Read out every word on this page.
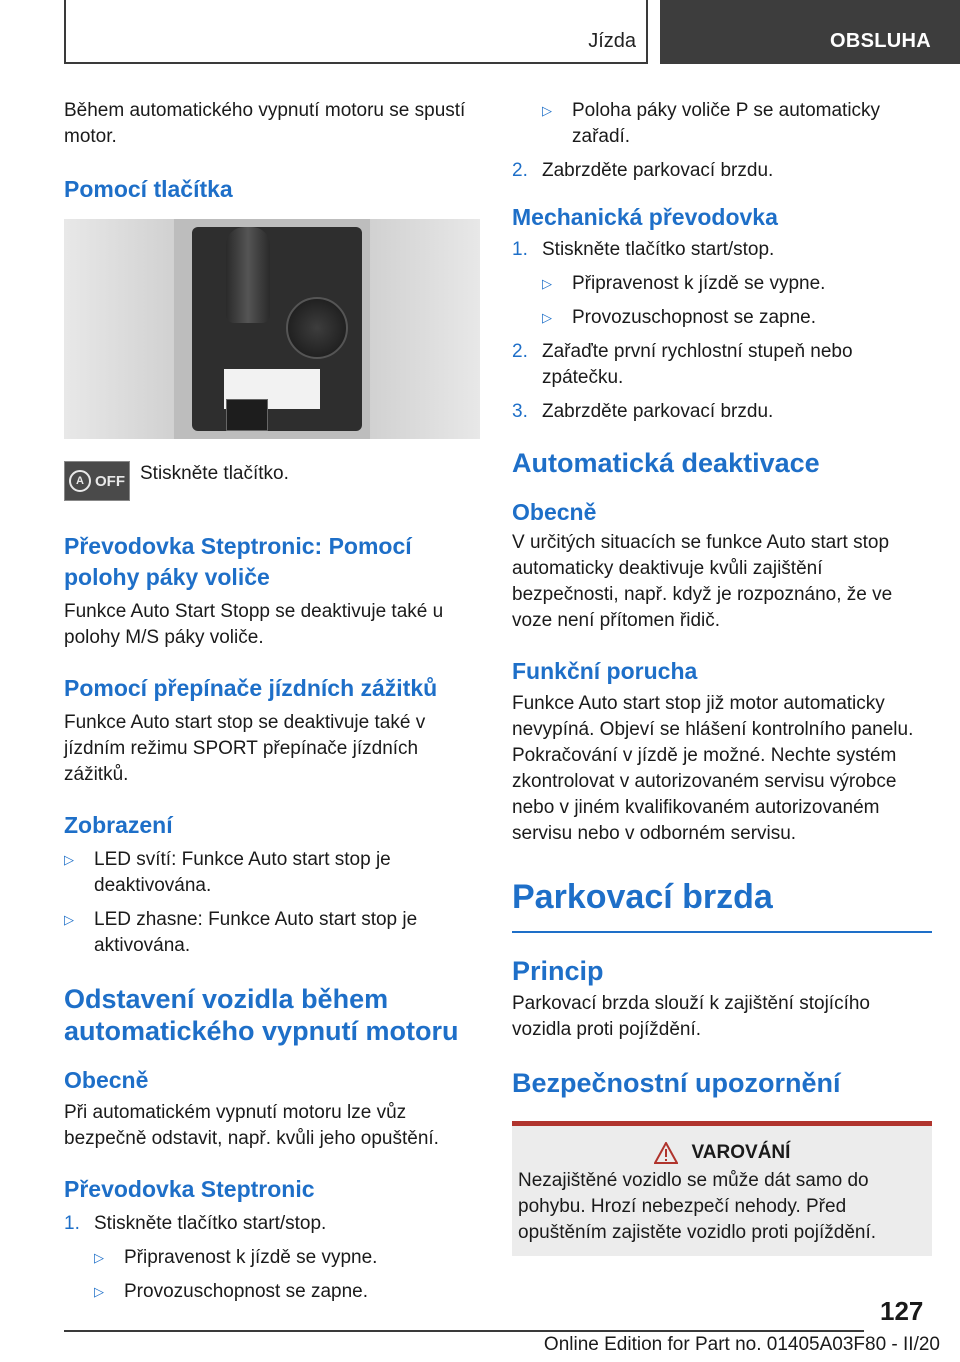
Jízda	OBSLUHA

Během automatického vypnutí motoru se spustí motor.

Pomocí tlačítka
A OFF Stiskněte tlačítko.

Převodovka Steptronic: Pomocí polohy páky voliče

Funkce Auto Start Stopp se deaktivuje také u polohy M/S páky voliče.

Pomocí přepínače jízdních zážitků

Funkce Auto start stop se deaktivuje také v jízdním režimu SPORT přepínače jízdních zážitků.

Zobrazení
▷ LED svítí: Funkce Auto start stop je deaktivována.
▷ LED zhasne: Funkce Auto start stop je aktivována.
Odstavení vozidla během automatického vypnutí motoru
Obecně

Při automatickém vypnutí motoru lze vůz bezpečně odstavit, např. kvůli jeho opuštění.

Převodovka Steptronic
1. Stiskněte tlačítko start/stop.
▷ Připravenost k jízdě se vypne.
▷ Provozuschopnost se zapne.
▷ Poloha páky voliče P se automaticky zařadí.
2. Zabrzděte parkovací brzdu.
Mechanická převodovka
1. Stiskněte tlačítko start/stop.
▷ Připravenost k jízdě se vypne.
▷ Provozuschopnost se zapne.
2. Zařaďte první rychlostní stupeň nebo zpátečku.
3. Zabrzděte parkovací brzdu.
Automatická deaktivace
Obecně

V určitých situacích se funkce Auto start stop automaticky deaktivuje kvůli zajištění bezpečnosti, např. když je rozpoznáno, že ve voze není přítomen řidič.

Funkční porucha

Funkce Auto start stop již motor automaticky nevypíná. Objeví se hlášení kontrolního panelu. Pokračování v jízdě je možné. Nechte systém zkontrolovat v autorizovaném servisu výrobce nebo v jiném kvalifikovaném autorizovaném servisu nebo v odborném servisu.

Parkovací brzda
Princip

Parkovací brzda slouží k zajištění stojícího vozidla proti pojíždění.

Bezpečnostní upozornění
VAROVÁNÍ

Nezajištěné vozidlo se může dát samo do pohybu. Hrozí nebezpečí nehody. Před opuštěním zajistěte vozidlo proti pojíždění.

127
Online Edition for Part no. 01405A03F80 - II/20
